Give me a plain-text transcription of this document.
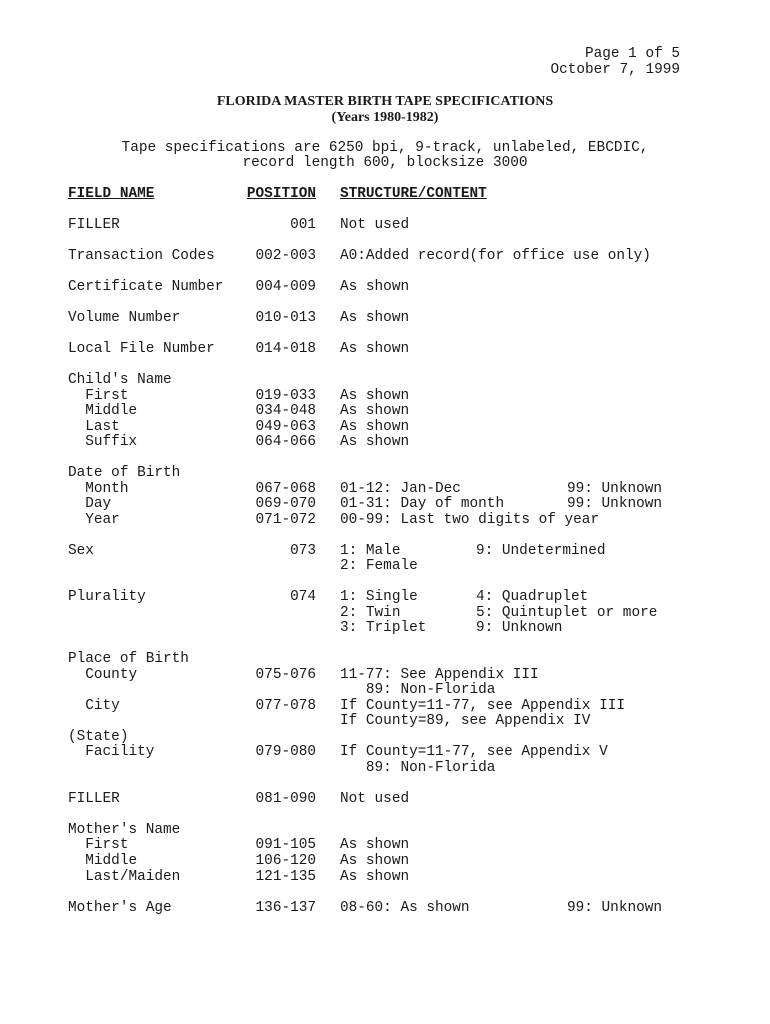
Page 1 of 5
October 7, 1999
FLORIDA MASTER BIRTH TAPE SPECIFICATIONS
(Years 1980-1982)
Tape specifications are 6250 bpi, 9-track, unlabeled, EBCDIC,
record length 600, blocksize 3000
FIELD NAME	POSITION STRUCTURE/CONTENT
FILLER	001 Not used
Transaction Codes	002-003 A0:Added record(for office use only)
Certificate Number	004-009 As shown
Volume Number	010-013 As shown
Local File Number	014-018 As shown
Child's Name
First	019-033 As shown
Middle	034-048 As shown
Last	049-063 As shown
Suffix	064-066 As shown
Date of Birth
Month	067-068 01-12: Jan-Dec	99: Unknown
Day	069-070 01-31: Day of month	99: Unknown
Year	071-072 00-99: Last two digits of year
Sex	073 1: Male	9: Undetermined
2: Female
Plurality	074 1: Single	4: Quadruplet
2: Twin	5: Quintuplet or more
3: Triplet	9: Unknown
Place of Birth
County	075-076 11-77: See Appendix III
89: Non-Florida
City	077-078 If County=11-77, see Appendix III
If County=89, see Appendix IV
(State)
Facility	079-080 If County=11-77, see Appendix V
89: Non-Florida
FILLER	081-090 Not used
Mother's Name
First	091-105 As shown
Middle	106-120 As shown
Last/Maiden	121-135 As shown
Mother's Age	136-137 08-60: As shown	99: Unknown
